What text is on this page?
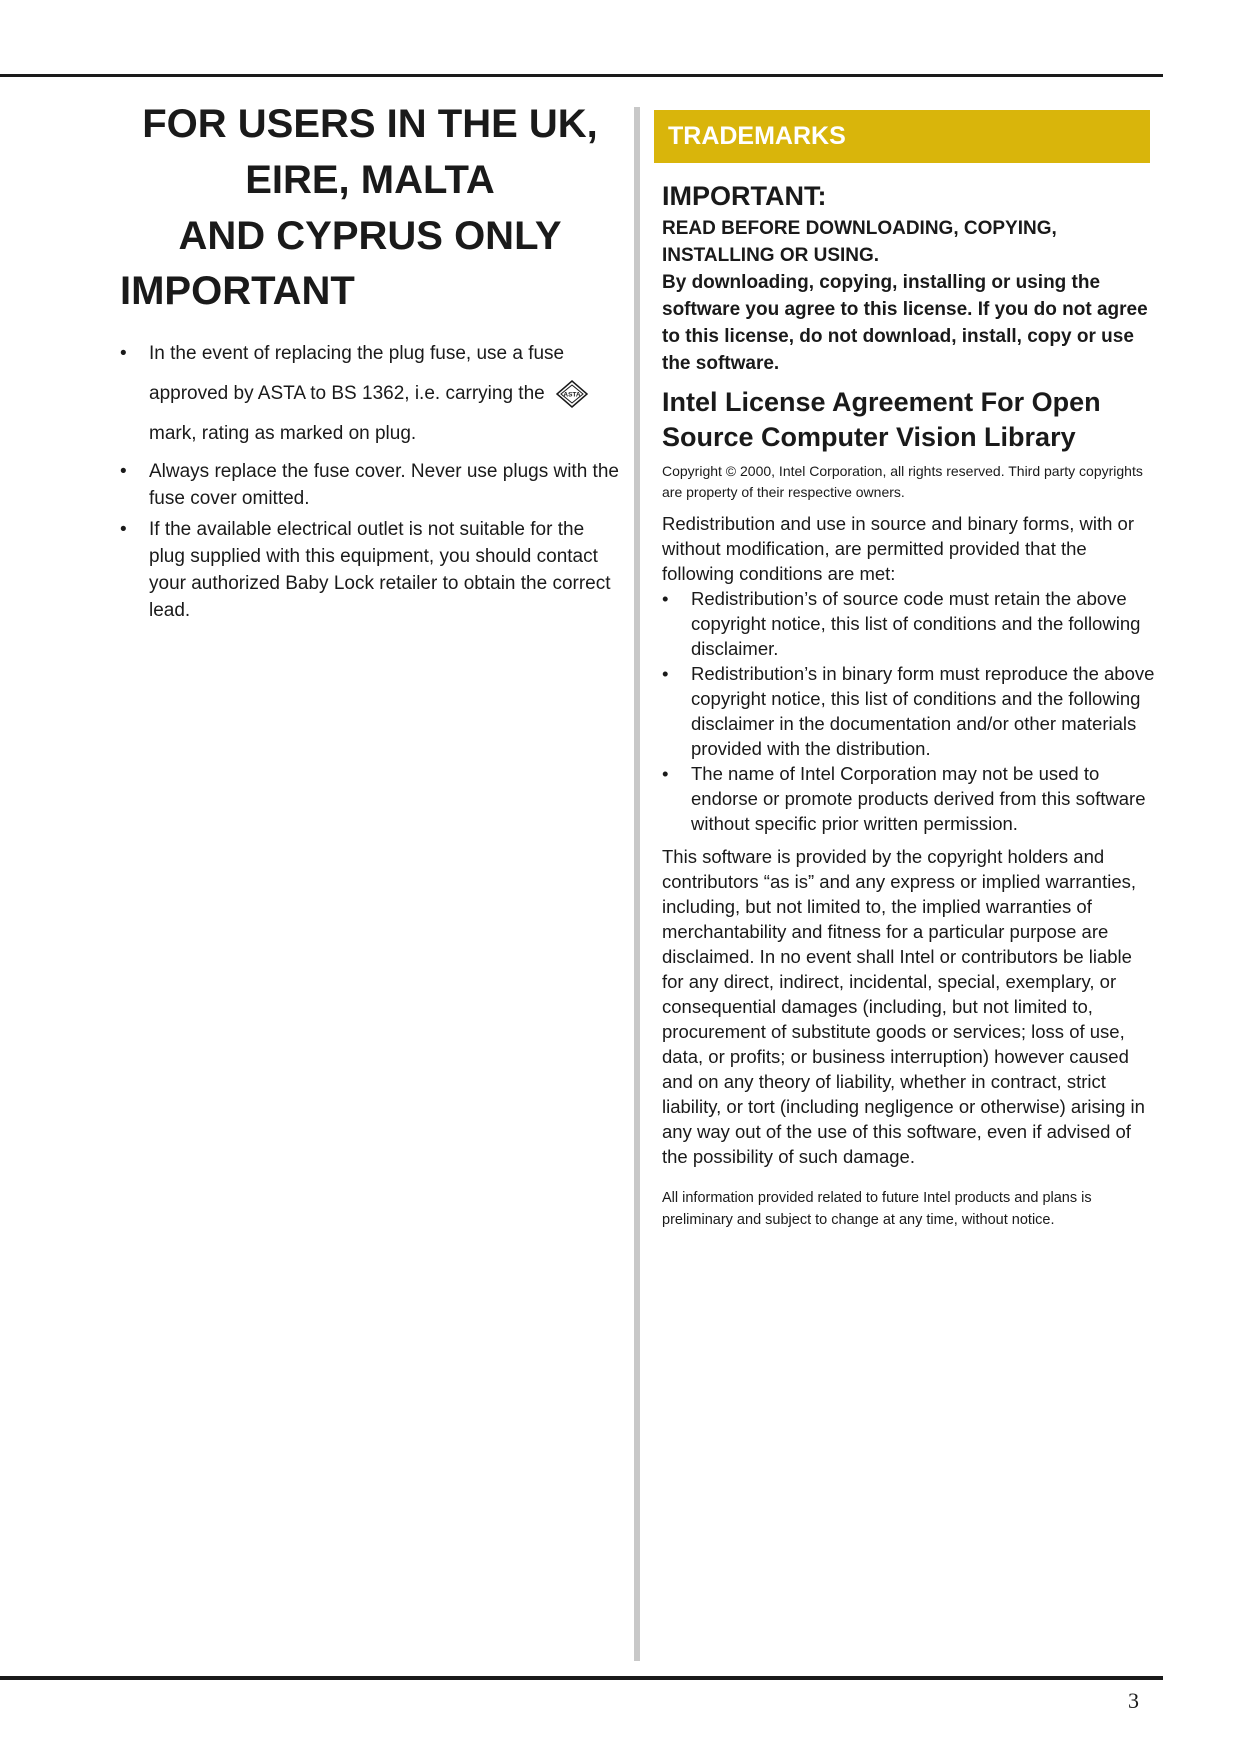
FOR USERS IN THE UK,
EIRE, MALTA
AND CYPRUS ONLY
IMPORTANT
• In the event of replacing the plug fuse, use a fuse approved by ASTA to BS 1362, i.e. carrying the	ASTA

mark, rating as marked on plug.
• Always replace the fuse cover. Never use plugs with the fuse cover omitted.
• If the available electrical outlet is not suitable for the plug supplied with this equipment, you should contact your authorized Baby Lock retailer to obtain the correct lead.
TRADEMARKS
IMPORTANT:
READ BEFORE DOWNLOADING, COPYING, INSTALLING OR USING.
By downloading, copying, installing or using the software you agree to this license. If you do not agree to this license, do not download, install, copy or use the software.
Intel License Agreement For Open Source Computer Vision Library
Copyright © 2000, Intel Corporation, all rights reserved. Third party copyrights are property of their respective owners.
Redistribution and use in source and binary forms, with or without modification, are permitted provided that the following conditions are met:
• Redistribution’s of source code must retain the above copyright notice, this list of conditions and the following disclaimer.
• Redistribution’s in binary form must reproduce the above copyright notice, this list of conditions and the following disclaimer in the documentation and/or other materials provided with the distribution.
• The name of Intel Corporation may not be used to endorse or promote products derived from this software without specific prior written permission.
This software is provided by the copyright holders and contributors “as is” and any express or implied warranties, including, but not limited to, the implied warranties of merchantability and fitness for a particular purpose are disclaimed. In no event shall Intel or contributors be liable for any direct, indirect, incidental, special, exemplary, or consequential damages (including, but not limited to, procurement of substitute goods or services; loss of use, data, or profits; or business interruption) however caused and on any theory of liability, whether in contract, strict liability, or tort (including negligence or otherwise) arising in any way out of the use of this software, even if advised of the possibility of such damage.
All information provided related to future Intel products and plans is preliminary and subject to change at any time, without notice.
3
